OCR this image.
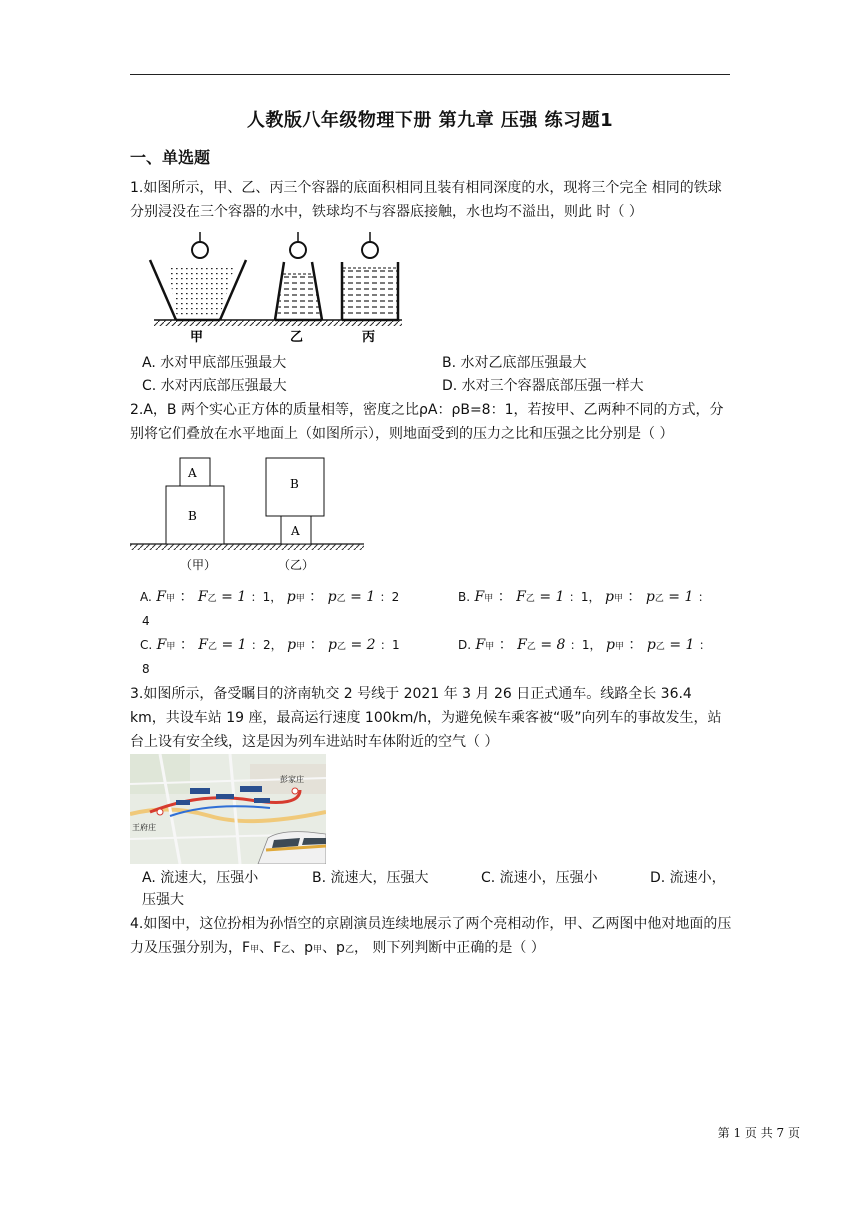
人教版八年级物理下册 第九章 压强 练习题1
一、单选题
1.如图所示，甲、乙、丙三个容器的底面积相同且装有相同深度的水，现将三个完全 相同的铁球分别浸没在三个容器的水中，铁球均不与容器底接触，水也均不溢出，则此 时（ ）
甲	乙	丙
A. 水对甲底部压强最大	B. 水对乙底部压强最大
C. 水对丙底部压强最大	D. 水对三个容器底部压强一样大
2.A，B 两个实心正方体的质量相等，密度之比ρA：ρB=8：1，若按甲、乙两种不同的方式，分别将它们叠放在水平地面上（如图所示），则地面受到的压力之比和压强之比分别是（ ）
A
B
B
A
（甲）	（乙）
A. F甲 ： F乙 = 1 ：1， p甲 ： p乙 = 1 ：2	B. F甲 ： F乙 = 1 ：1， p甲 ： p乙 = 1 ：
4
C. F甲 ： F乙 = 1 ：2， p甲 ： p乙 = 2 ：1	D. F甲 ： F乙 = 8 ：1， p甲 ： p乙 = 1 ：
8
3.如图所示，备受瞩目的济南轨交 2 号线于 2021 年 3 月 26 日正式通车。线路全长 36.4 km，共设车站 19 座，最高运行速度 100km/h，为避免候车乘客被“吸”向列车的事故发生，站台上设有安全线，这是因为列车进站时车体附近的空气（ ）
彭家庄
王府庄
A. 流速大，压强小	B. 流速大，压强大	C. 流速小，压强小	D. 流速小，
压强大
4.如图中，这位扮相为孙悟空的京剧演员连续地展示了两个亮相动作，甲、乙两图中他对地面的压力及压强分别为，F甲、F乙、p甲、p乙， 则下列判断中正确的是（ ）
第 1 页 共 7 页
